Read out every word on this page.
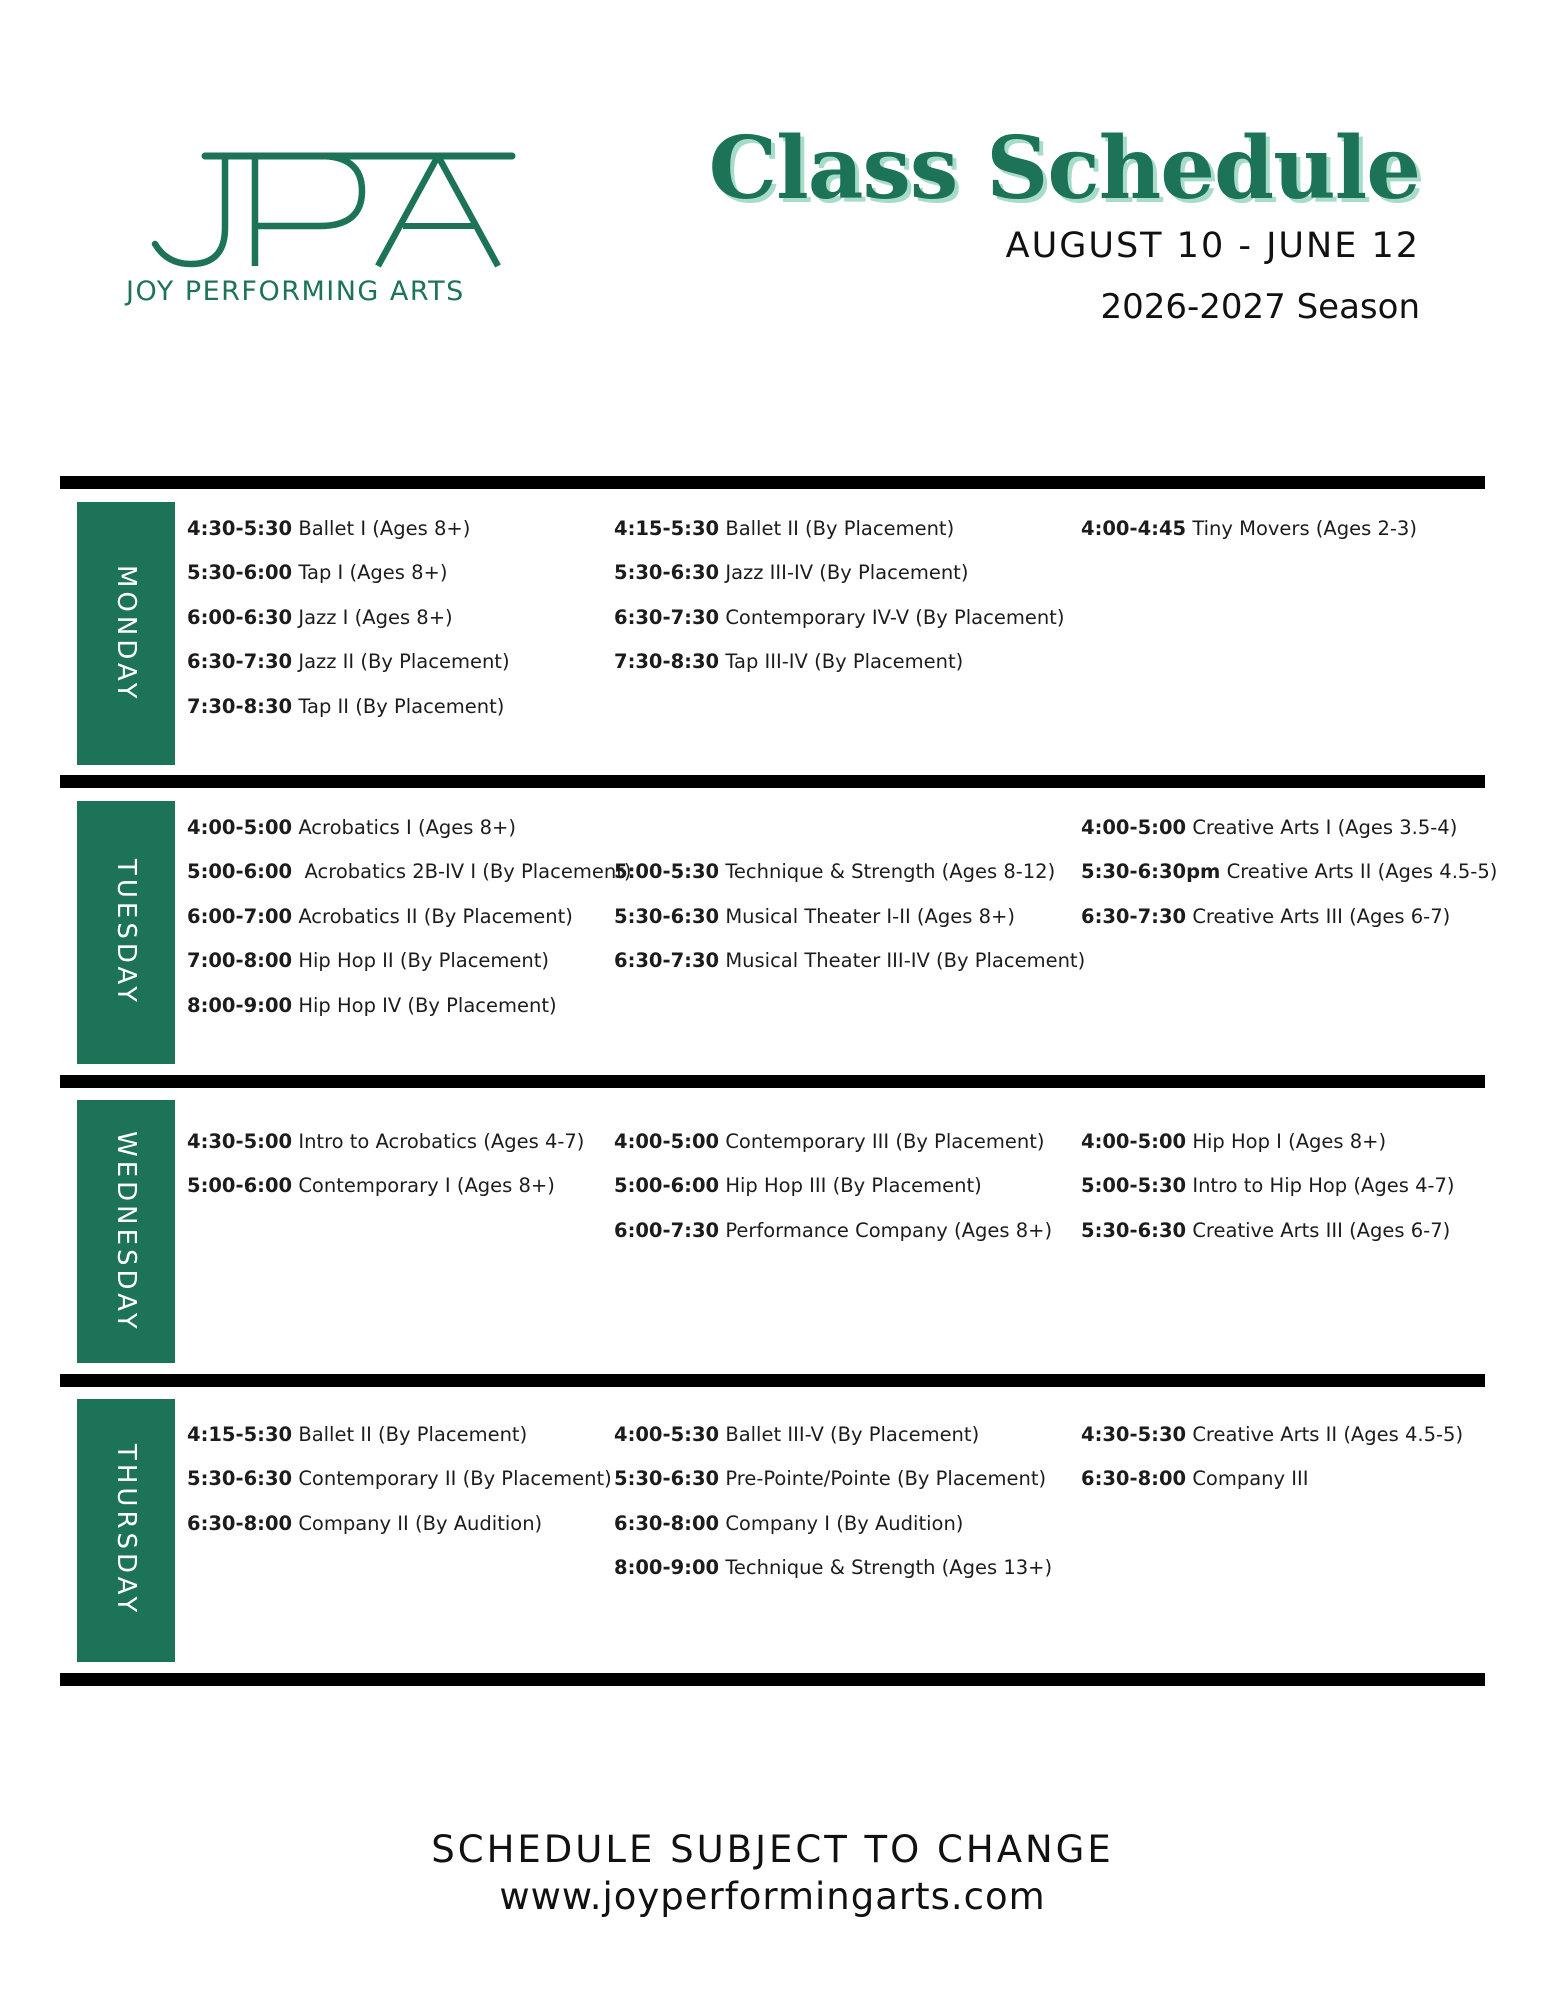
JOY PERFORMING ARTS
Class Schedule
AUGUST 10 - JUNE 12
2026-2027 Season
MONDAY
4:30-5:30 Ballet I (Ages 8+)
5:30-6:00 Tap I (Ages 8+)
6:00-6:30 Jazz I (Ages 8+)
6:30-7:30 Jazz II (By Placement)
7:30-8:30 Tap II (By Placement)
4:15-5:30 Ballet II (By Placement)
5:30-6:30 Jazz III-IV (By Placement)
6:30-7:30 Contemporary IV-V (By Placement)
7:30-8:30 Tap III-IV (By Placement)
4:00-4:45 Tiny Movers (Ages 2-3)
TUESDAY
4:00-5:00 Acrobatics I (Ages 8+)
5:00-6:00  Acrobatics 2B-IV I (By Placement)
6:00-7:00 Acrobatics II (By Placement)
7:00-8:00 Hip Hop II (By Placement)
8:00-9:00 Hip Hop IV (By Placement)
5:00-5:30 Technique & Strength (Ages 8-12)
5:30-6:30 Musical Theater I-II (Ages 8+)
6:30-7:30 Musical Theater III-IV (By Placement)
4:00-5:00 Creative Arts I (Ages 3.5-4)
5:30-6:30pm Creative Arts II (Ages 4.5-5)
6:30-7:30 Creative Arts III (Ages 6-7)
WEDNESDAY 4:30-5:00 Intro to Acrobatics (Ages 4-7)
5:00-6:00 Contemporary I (Ages 8+)
4:00-5:00 Contemporary III (By Placement)
5:00-6:00 Hip Hop III (By Placement)
6:00-7:30 Performance Company (Ages 8+)
4:00-5:00 Hip Hop I (Ages 8+)
5:00-5:30 Intro to Hip Hop (Ages 4-7)
5:30-6:30 Creative Arts III (Ages 6-7)
THURSDAY
4:15-5:30 Ballet II (By Placement)
5:30-6:30 Contemporary II (By Placement)
6:30-8:00 Company II (By Audition)
4:00-5:30 Ballet III-V (By Placement)
5:30-6:30 Pre-Pointe/Pointe (By Placement)
6:30-8:00 Company I (By Audition)
8:00-9:00 Technique & Strength (Ages 13+)
4:30-5:30 Creative Arts II (Ages 4.5-5)
6:30-8:00 Company III
SCHEDULE SUBJECT TO CHANGE
www.joyperformingarts.com
